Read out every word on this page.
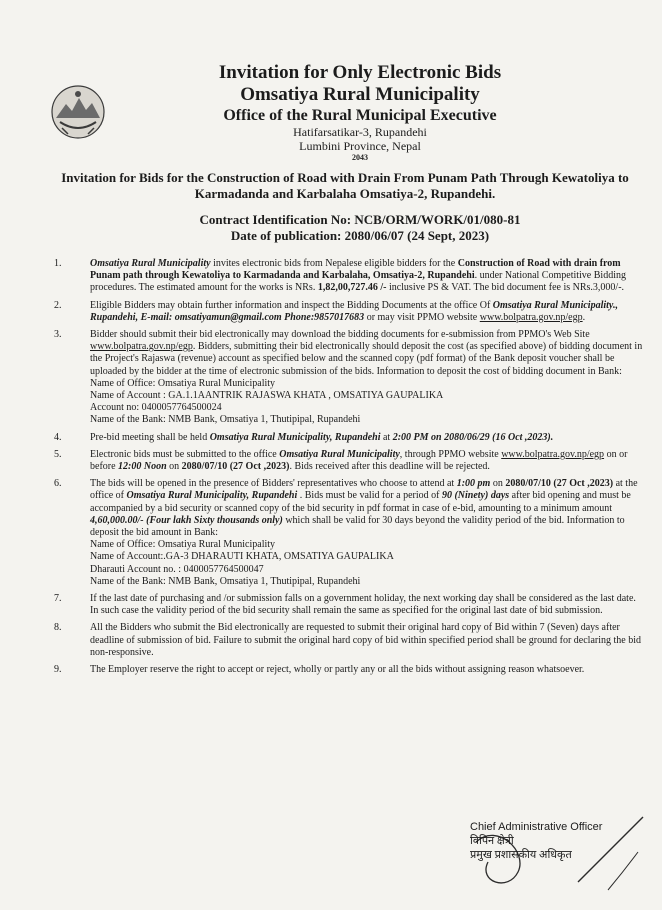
Invitation for Only Electronic Bids
Omsatiya Rural Municipality
Office of the Rural Municipal Executive
Hatifarsatikar-3, Rupandehi
Lumbini Province, Nepal
2043
Invitation for Bids for the Construction of Road with Drain From Punam Path Through Kewatoliya to Karmadanda and Karbalaha Omsatiya-2, Rupandehi.
Contract Identification No: NCB/ORM/WORK/01/080-81
Date of publication: 2080/06/07 (24 Sept, 2023)
1.	Omsatiya Rural Municipality invites electronic bids from Nepalese eligible bidders for the Construction of Road with drain from Punam path through Kewatoliya to Karmadanda and Karbalaha, Omsatiya-2, Rupandehi. under National Competitive Bidding procedures. The estimated amount for the works is NRs. 1,82,00,727.46 /- inclusive PS & VAT. The bid document fee is NRs.3,000/-.
2.	Eligible Bidders may obtain further information and inspect the Bidding Documents at the office Of Omsatiya Rural Municipality., Rupandehi, E-mail: omsatiyamun@gmail.com Phone:9857017683 or may visit PPMO website www.bolpatra.gov.np/egp.
3.	Bidder should submit their bid electronically may download the bidding documents for e-submission from PPMO's Web Site www.bolpatra.gov.np/egp. Bidders, submitting their bid electronically should deposit the cost (as specified above) of bidding document in the Project's Rajaswa (revenue) account as specified below and the scanned copy (pdf format) of the Bank deposit voucher shall be uploaded by the bidder at the time of electronic submission of the bids. Information to deposit the cost of bidding document in Bank:
Name of Office: Omsatiya Rural Municipality
Name of Account : GA.1.1AANTRIK RAJASWA KHATA , OMSATIYA GAUPALIKA
Account no: 0400057764500024
Name of the Bank: NMB Bank, Omsatiya 1, Thutipipal, Rupandehi
4.	Pre-bid meeting shall be held Omsatiya Rural Municipality, Rupandehi at 2:00 PM on 2080/06/29 (16 Oct ,2023).
5.	Electronic bids must be submitted to the office Omsatiya Rural Municipality, through PPMO website www.bolpatra.gov.np/egp on or before 12:00 Noon on 2080/07/10 (27 Oct ,2023). Bids received after this deadline will be rejected.
6.	The bids will be opened in the presence of Bidders' representatives who choose to attend at 1:00 pm on 2080/07/10 (27 Oct ,2023) at the office of Omsatiya Rural Municipality, Rupandehi . Bids must be valid for a period of 90 (Ninety) days after bid opening and must be accompanied by a bid security or scanned copy of the bid security in pdf format in case of e-bid, amounting to a minimum amount 4,60,000.00/- (Four lakh Sixty thousands only) which shall be valid for 30 days beyond the validity period of the bid. Information to deposit the bid amount in Bank:
Name of Office: Omsatiya Rural Municipality
Name of Account:.GA-3 DHARAUTI KHATA, OMSATIYA GAUPALIKA
Dharauti Account no. : 0400057764500047
Name of the Bank: NMB Bank, Omsatiya 1, Thutipipal, Rupandehi
7.	If the last date of purchasing and /or submission falls on a government holiday, the next working day shall be considered as the last date. In such case the validity period of the bid security shall remain the same as specified for the original last date of bid submission.
8.	All the Bidders who submit the Bid electronically are requested to submit their original hard copy of Bid within 7 (Seven) days after deadline of submission of bid. Failure to submit the original hard copy of bid within specified period shall be ground for declaring the bid non-responsive.
9.	The Employer reserve the right to accept or reject, wholly or partly any or all the bids without assigning reason whatsoever.
Chief Administrative Officer
विपिन क्षेत्री
प्रमुख प्रशासकीय अधिकृत
